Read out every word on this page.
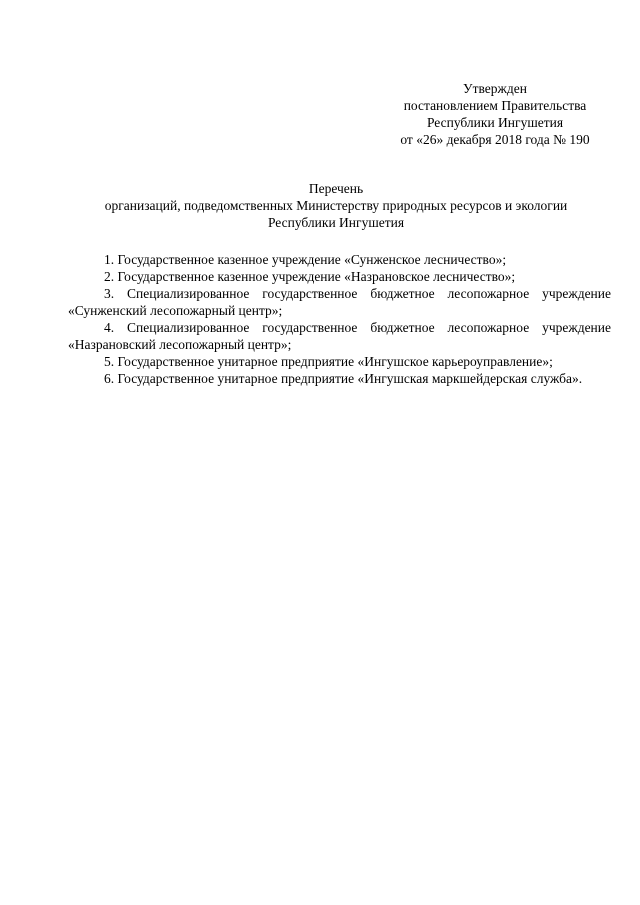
Утвержден
постановлением Правительства
Республики Ингушетия
от «26» декабря 2018 года № 190
Перечень
организаций, подведомственных Министерству природных ресурсов и экологии
Республики Ингушетия

1. Государственное казенное учреждение «Сунженское лесничество»;

2. Государственное казенное учреждение «Назрановское лесничество»;

3. Специализированное государственное бюджетное лесопожарное учреждение «Сунженский лесопожарный центр»;

4. Специализированное государственное бюджетное лесопожарное учреждение «Назрановский лесопожарный центр»;

5. Государственное унитарное предприятие «Ингушское карьероуправление»;

6. Государственное унитарное предприятие «Ингушская маркшейдерская служба».
